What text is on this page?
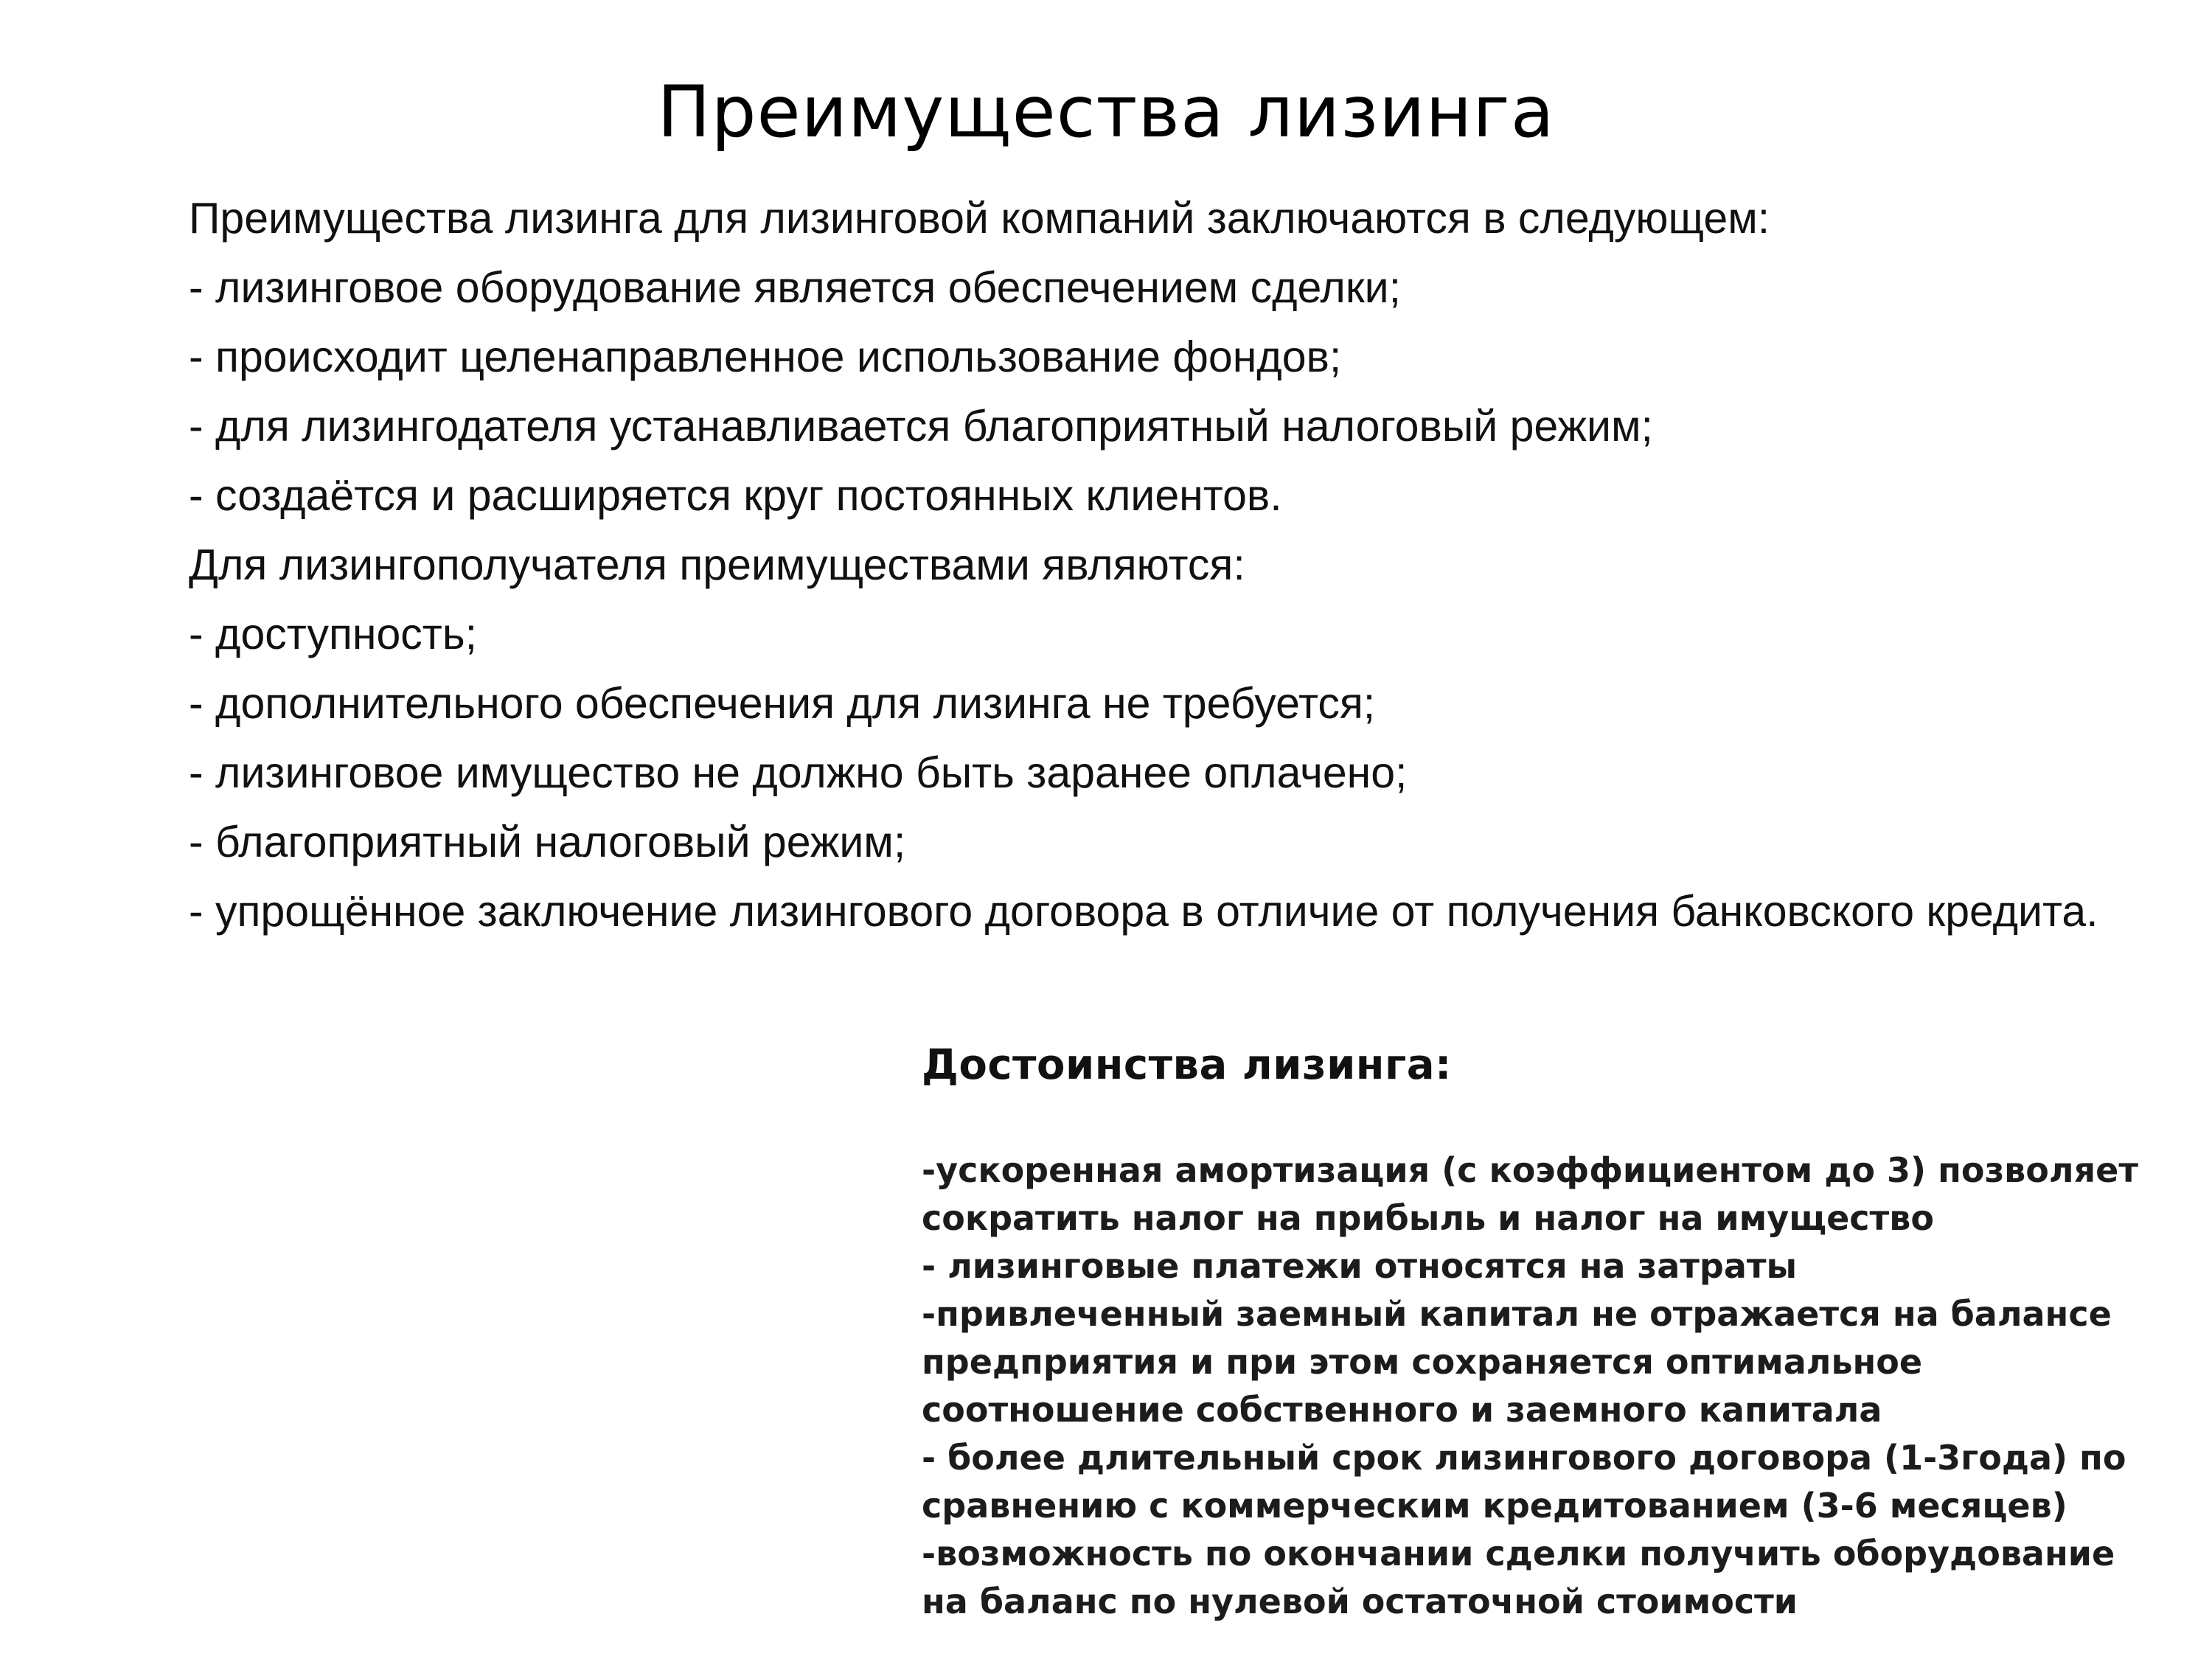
Преимущества лизинга

Преимущества лизинга для лизинговой компаний заключаются в следующем:

- лизинговое оборудование является обеспечением сделки;

- происходит целенаправленное использование фондов;

- для лизингодателя устанавливается благоприятный налоговый режим;

- создаётся и расширяется круг постоянных клиентов.

Для лизингополучателя преимуществами являются:

- доступность;

- дополнительного обеспечения для лизинга не требуется;

- лизинговое имущество не должно быть заранее оплачено;

- благоприятный налоговый режим;

- упрощённое заключение лизингового договора в отличие от получения банковского кредита.

Достоинства лизинга:

-ускоренная амортизация (с коэффициентом до 3) позволяет

сократить налог на прибыль и налог на имущество

- лизинговые платежи относятся на затраты

-привлеченный заемный капитал не отражается на балансе

предприятия и при этом сохраняется оптимальное

соотношение собственного и заемного капитала

- более длительный срок лизингового договора (1-3года) по

сравнению с коммерческим кредитованием (3-6 месяцев)

-возможность по окончании сделки получить оборудование

на баланс по нулевой остаточной стоимости
